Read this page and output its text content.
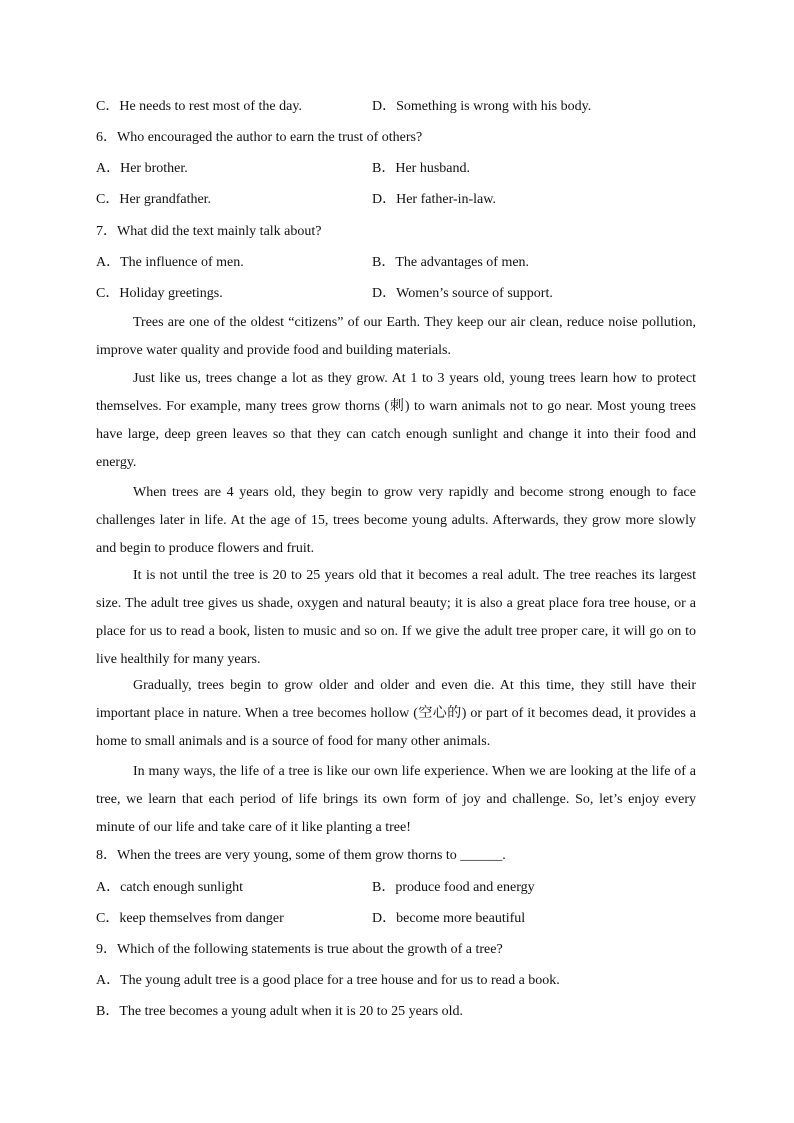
C．He needs to rest most of the day.	D．Something is wrong with his body.
6．Who encouraged the author to earn the trust of others?
A．Her brother.	B．Her husband.
C．Her grandfather.	D．Her father-in-law.
7．What did the text mainly talk about?
A．The influence of men.	B．The advantages of men.
C．Holiday greetings.	D．Women’s source of support.

Trees are one of the oldest “citizens” of our Earth. They keep our air clean, reduce noise pollution, improve water quality and provide food and building materials.

Just like us, trees change a lot as they grow. At 1 to 3 years old, young trees learn how to protect themselves. For example, many trees grow thorns (刺) to warn animals not to go near. Most young trees have large, deep green leaves so that they can catch enough sunlight and change it into their food and energy.

When trees are 4 years old, they begin to grow very rapidly and become strong enough to face challenges later in life. At the age of 15, trees become young adults. Afterwards, they grow more slowly and begin to produce flowers and fruit.

It is not until the tree is 20 to 25 years old that it becomes a real adult. The tree reaches its largest size. The adult tree gives us shade, oxygen and natural beauty; it is also a great place fora tree house, or a place for us to read a book, listen to music and so on. If we give the adult tree proper care, it will go on to live healthily for many years.

Gradually, trees begin to grow older and older and even die. At this time, they still have their important place in nature. When a tree becomes hollow (空心的) or part of it becomes dead, it provides a home to small animals and is a source of food for many other animals.

In many ways, the life of a tree is like our own life experience. When we are looking at the life of a tree, we learn that each period of life brings its own form of joy and challenge. So, let’s enjoy every minute of our life and take care of it like planting a tree!

8．When the trees are very young, some of them grow thorns to ______.
A．catch enough sunlight	B．produce food and energy
C．keep themselves from danger	D．become more beautiful
9．Which of the following statements is true about the growth of a tree?
A．The young adult tree is a good place for a tree house and for us to read a book.
B．The tree becomes a young adult when it is 20 to 25 years old.
